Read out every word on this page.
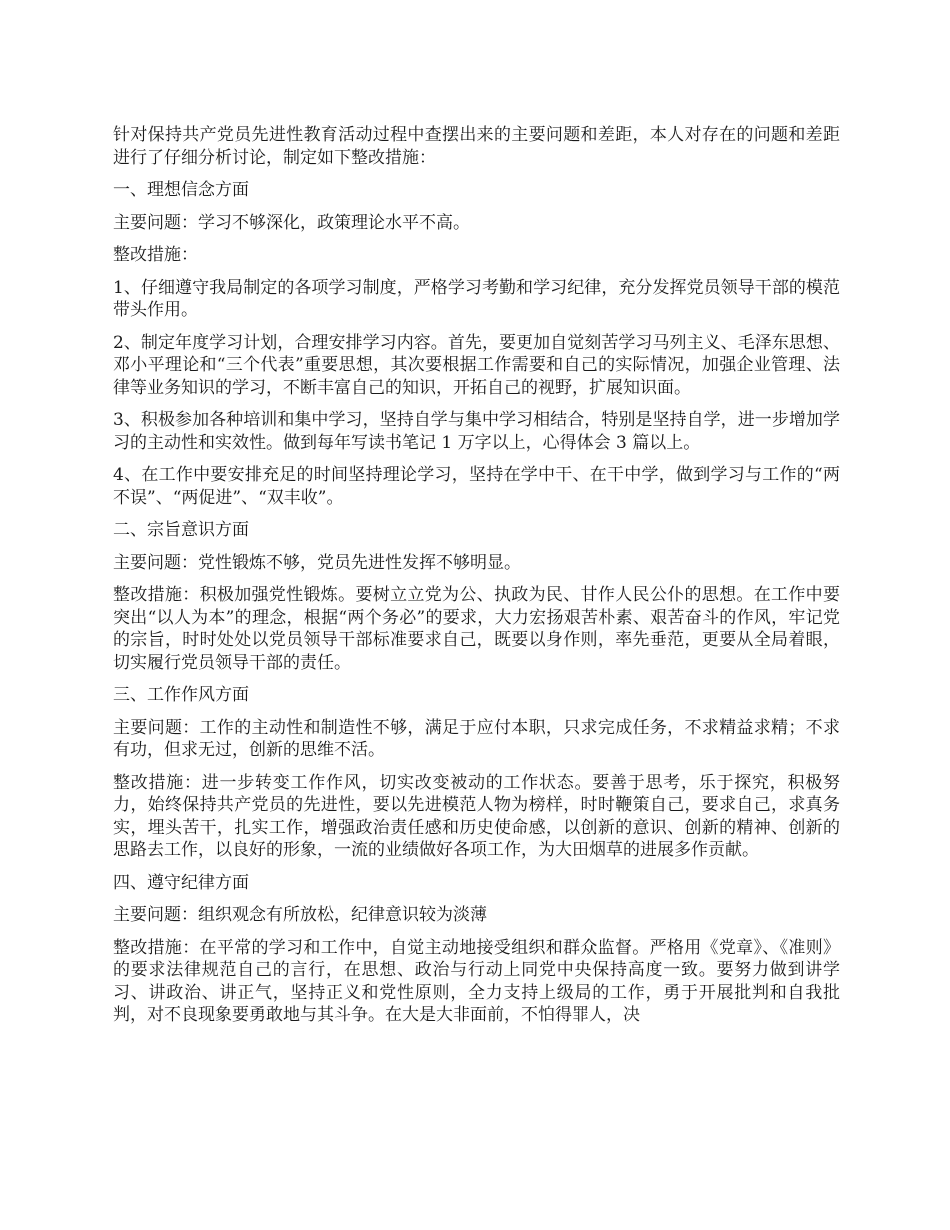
针对保持共产党员先进性教育活动过程中查摆出来的主要问题和差距，本人对存在的问题和差距进行了仔细分析讨论，制定如下整改措施：

一、理想信念方面

主要问题：学习不够深化，政策理论水平不高。

整改措施：

1、仔细遵守我局制定的各项学习制度，严格学习考勤和学习纪律，充分发挥党员领导干部的模范带头作用。

2、制定年度学习计划，合理安排学习内容。首先，要更加自觉刻苦学习马列主义、毛泽东思想、邓小平理论和“三个代表”重要思想，其次要根据工作需要和自己的实际情况，加强企业管理、法律等业务知识的学习，不断丰富自己的知识，开拓自己的视野，扩展知识面。

3、积极参加各种培训和集中学习，坚持自学与集中学习相结合，特别是坚持自学，进一步增加学习的主动性和实效性。做到每年写读书笔记 1 万字以上，心得体会 3 篇以上。

4、在工作中要安排充足的时间坚持理论学习，坚持在学中干、在干中学，做到学习与工作的“两不误”、“两促进”、“双丰收”。

二、宗旨意识方面

主要问题：党性锻炼不够，党员先进性发挥不够明显。

整改措施：积极加强党性锻炼。要树立立党为公、执政为民、甘作人民公仆的思想。在工作中要突出“以人为本”的理念，根据“两个务必”的要求，大力宏扬艰苦朴素、艰苦奋斗的作风，牢记党的宗旨，时时处处以党员领导干部标准要求自己，既要以身作则，率先垂范，更要从全局着眼，切实履行党员领导干部的责任。

三、工作作风方面

主要问题：工作的主动性和制造性不够，满足于应付本职，只求完成任务，不求精益求精；不求有功，但求无过，创新的思维不活。

整改措施：进一步转变工作作风，切实改变被动的工作状态。要善于思考，乐于探究，积极努力，始终保持共产党员的先进性，要以先进模范人物为榜样，时时鞭策自己，要求自己，求真务实，埋头苦干，扎实工作，增强政治责任感和历史使命感，以创新的意识、创新的精神、创新的思路去工作，以良好的形象，一流的业绩做好各项工作，为大田烟草的进展多作贡献。

四、遵守纪律方面

主要问题：组织观念有所放松，纪律意识较为淡薄

整改措施：在平常的学习和工作中，自觉主动地接受组织和群众监督。严格用《党章》、《准则》的要求法律规范自己的言行，在思想、政治与行动上同党中央保持高度一致。要努力做到讲学习、讲政治、讲正气，坚持正义和党性原则，全力支持上级局的工作，勇于开展批判和自我批判，对不良现象要勇敢地与其斗争。在大是大非面前，不怕得罪人，决
